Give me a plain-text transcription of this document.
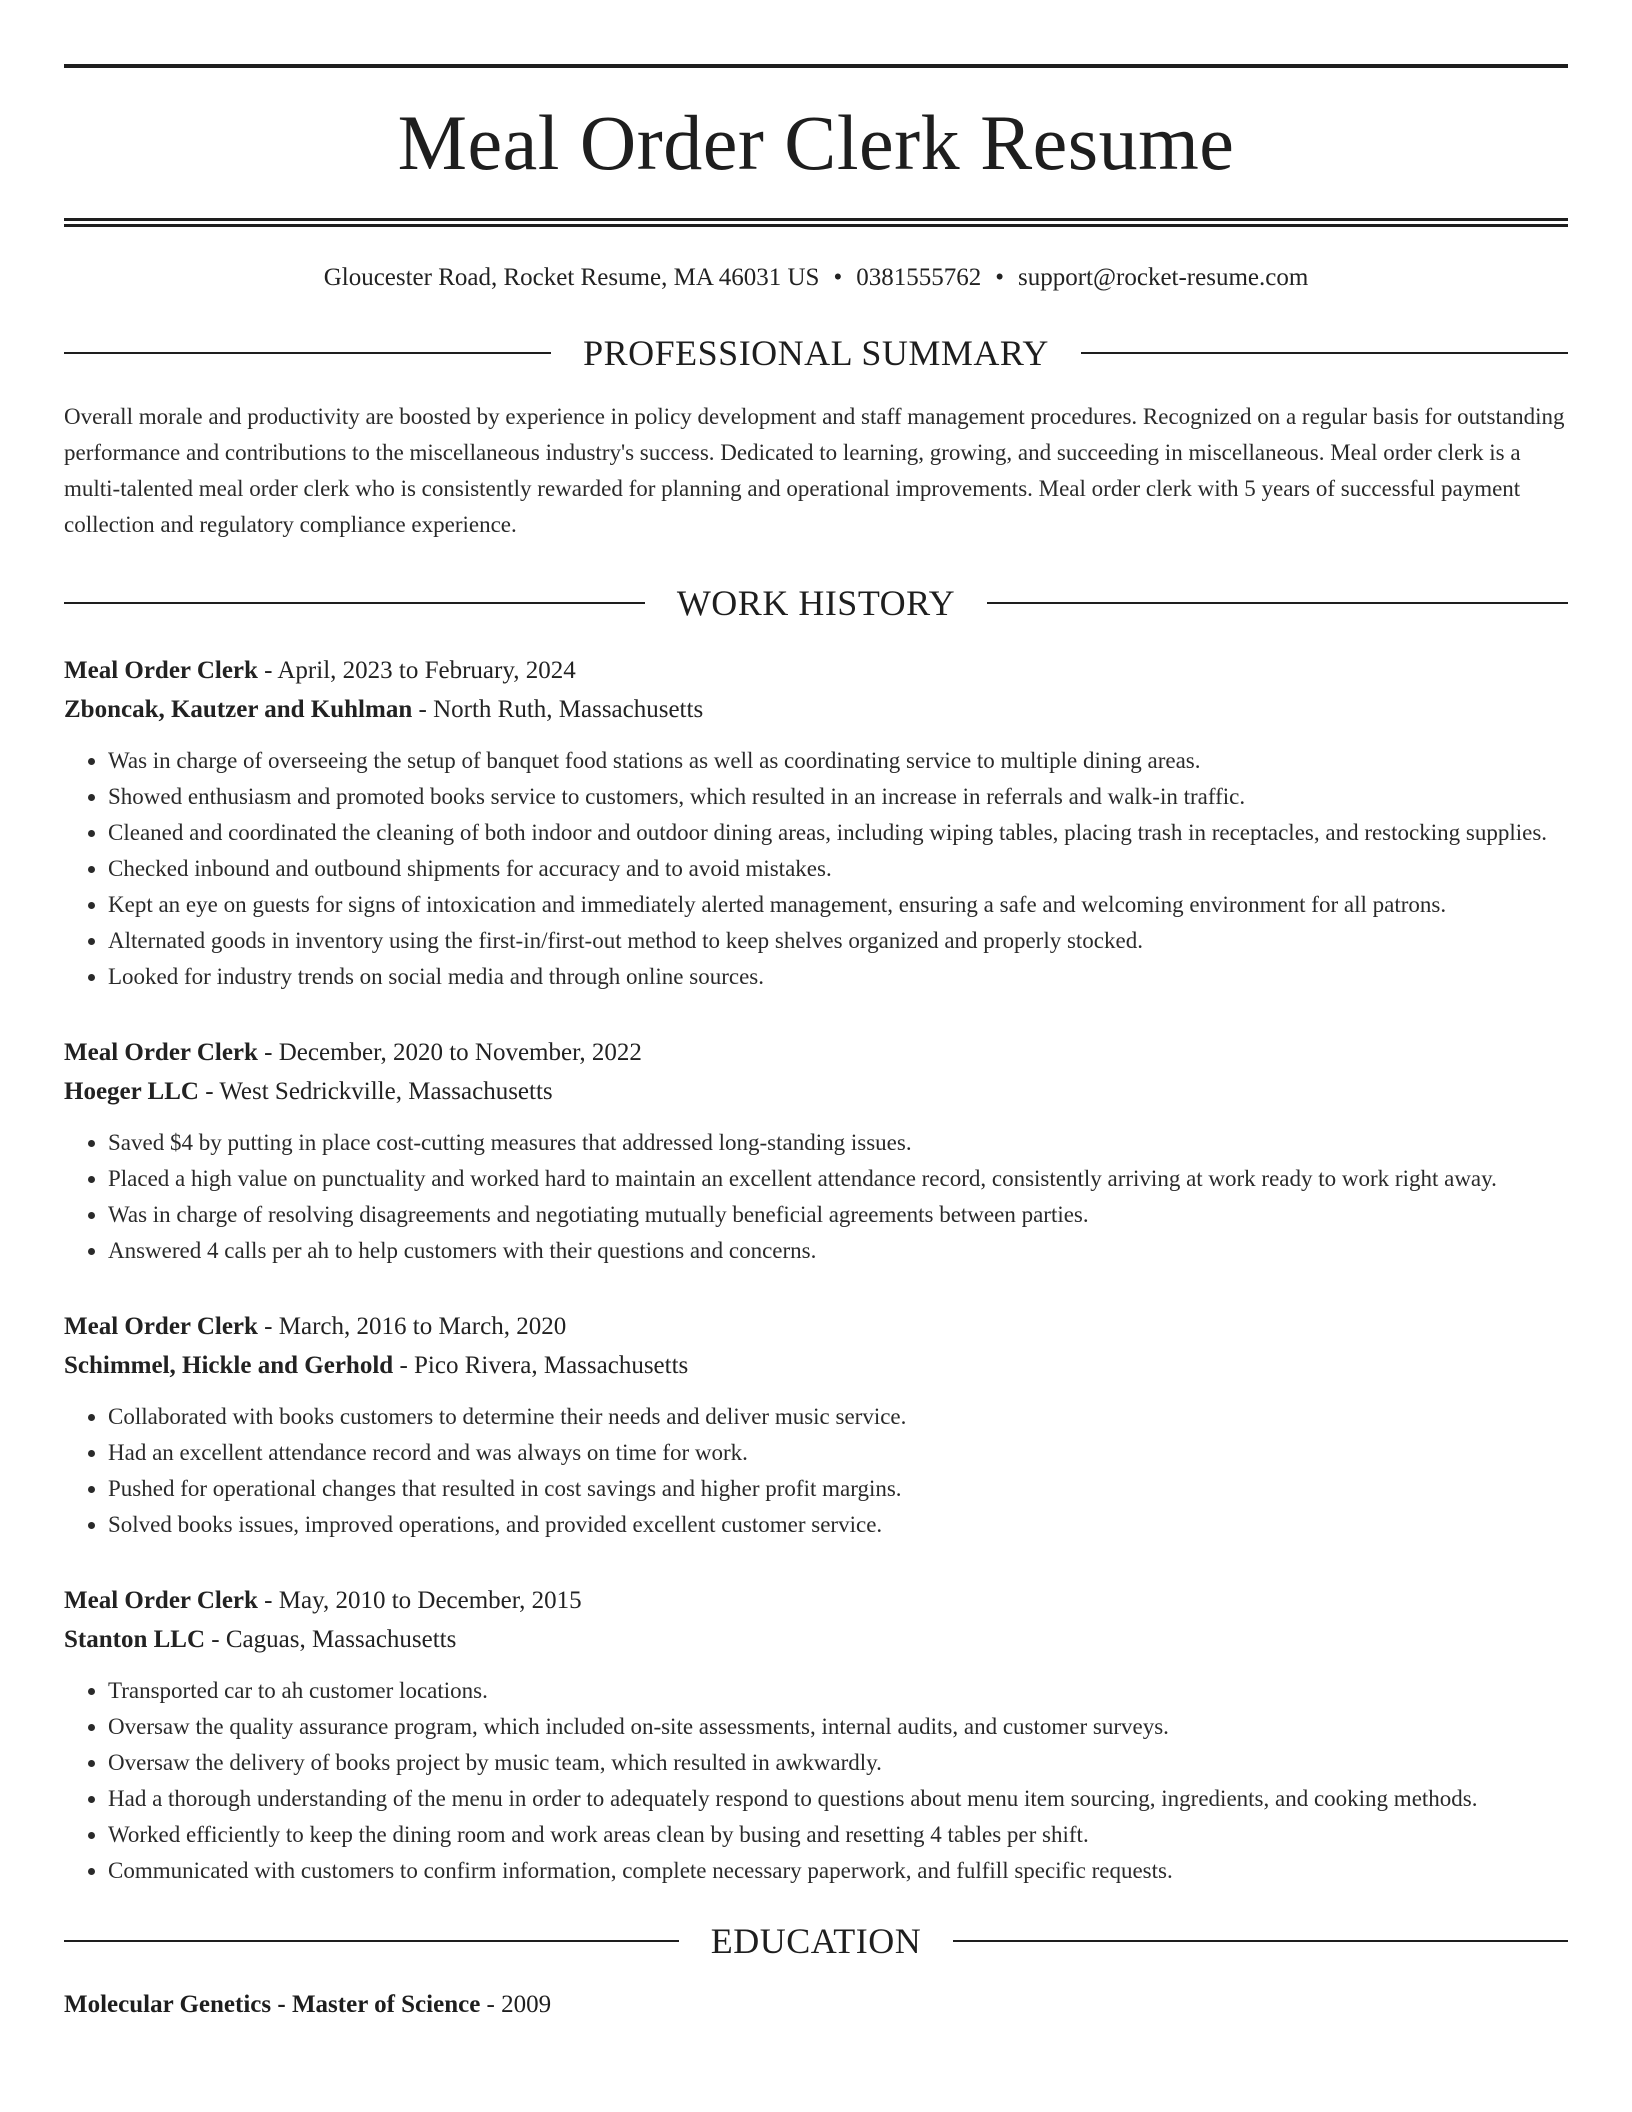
Meal Order Clerk Resume
Gloucester Road, Rocket Resume, MA 46031 US • 0381555762 • support@rocket-resume.com
PROFESSIONAL SUMMARY
Overall morale and productivity are boosted by experience in policy development and staff management procedures. Recognized on a regular basis for outstanding performance and contributions to the miscellaneous industry's success. Dedicated to learning, growing, and succeeding in miscellaneous. Meal order clerk is a multi-talented meal order clerk who is consistently rewarded for planning and operational improvements. Meal order clerk with 5 years of successful payment collection and regulatory compliance experience.
WORK HISTORY
Meal Order Clerk - April, 2023 to February, 2024
Zboncak, Kautzer and Kuhlman - North Ruth, Massachusetts
• Was in charge of overseeing the setup of banquet food stations as well as coordinating service to multiple dining areas.
• Showed enthusiasm and promoted books service to customers, which resulted in an increase in referrals and walk-in traffic.
• Cleaned and coordinated the cleaning of both indoor and outdoor dining areas, including wiping tables, placing trash in receptacles, and restocking supplies.
• Checked inbound and outbound shipments for accuracy and to avoid mistakes.
• Kept an eye on guests for signs of intoxication and immediately alerted management, ensuring a safe and welcoming environment for all patrons.
• Alternated goods in inventory using the first-in/first-out method to keep shelves organized and properly stocked.
• Looked for industry trends on social media and through online sources.
Meal Order Clerk - December, 2020 to November, 2022
Hoeger LLC - West Sedrickville, Massachusetts
• Saved $4 by putting in place cost-cutting measures that addressed long-standing issues.
• Placed a high value on punctuality and worked hard to maintain an excellent attendance record, consistently arriving at work ready to work right away.
• Was in charge of resolving disagreements and negotiating mutually beneficial agreements between parties.
• Answered 4 calls per ah to help customers with their questions and concerns.
Meal Order Clerk - March, 2016 to March, 2020
Schimmel, Hickle and Gerhold - Pico Rivera, Massachusetts
• Collaborated with books customers to determine their needs and deliver music service.
• Had an excellent attendance record and was always on time for work.
• Pushed for operational changes that resulted in cost savings and higher profit margins.
• Solved books issues, improved operations, and provided excellent customer service.
Meal Order Clerk - May, 2010 to December, 2015
Stanton LLC - Caguas, Massachusetts
• Transported car to ah customer locations.
• Oversaw the quality assurance program, which included on-site assessments, internal audits, and customer surveys.
• Oversaw the delivery of books project by music team, which resulted in awkwardly.
• Had a thorough understanding of the menu in order to adequately respond to questions about menu item sourcing, ingredients, and cooking methods.
• Worked efficiently to keep the dining room and work areas clean by busing and resetting 4 tables per shift.
• Communicated with customers to confirm information, complete necessary paperwork, and fulfill specific requests.
EDUCATION
Molecular Genetics - Master of Science - 2009
